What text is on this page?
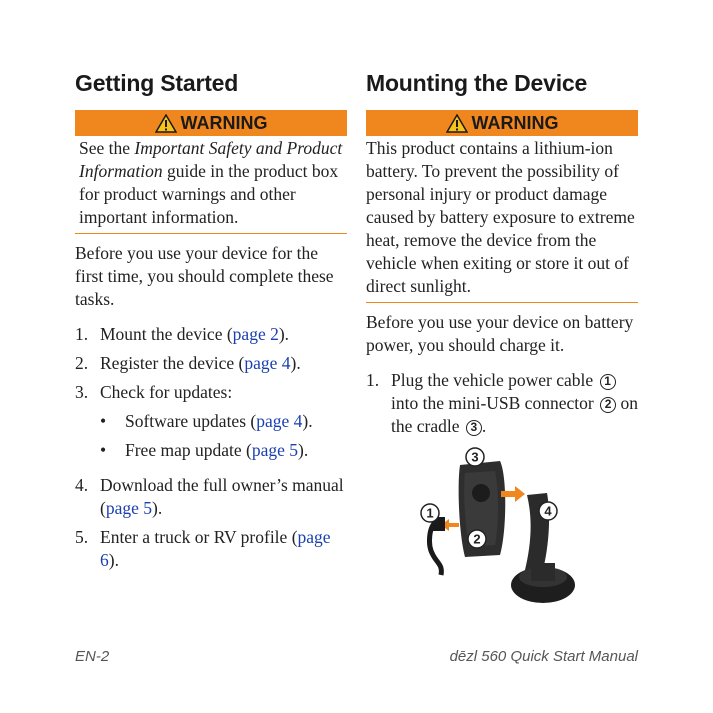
Getting Started
WARNING
See the Important Safety and Product Information guide in the product box for product warnings and other important information.

Before you use your device for the first time, you should complete these tasks.

1. Mount the device (page 2).
2. Register the device (page 4).
3. Check for updates:
•	Software updates (page 4).
•	Free map update (page 5).
4. Download the full owner’s manual (page 5).
5. Enter a truck or RV profile (page 6).
Mounting the Device
WARNING
This product contains a lithium-ion battery. To prevent the possibility of personal injury or product damage caused by battery exposure to extreme heat, remove the device from the vehicle when exiting or store it out of direct sunlight.

Before you use your device on battery power, you should charge it.

1. Plug the vehicle power cable 1 into the mini-USB connector 2 on the cradle 3 .
3
1
2
4
EN-2	dēzl 560 Quick Start Manual
